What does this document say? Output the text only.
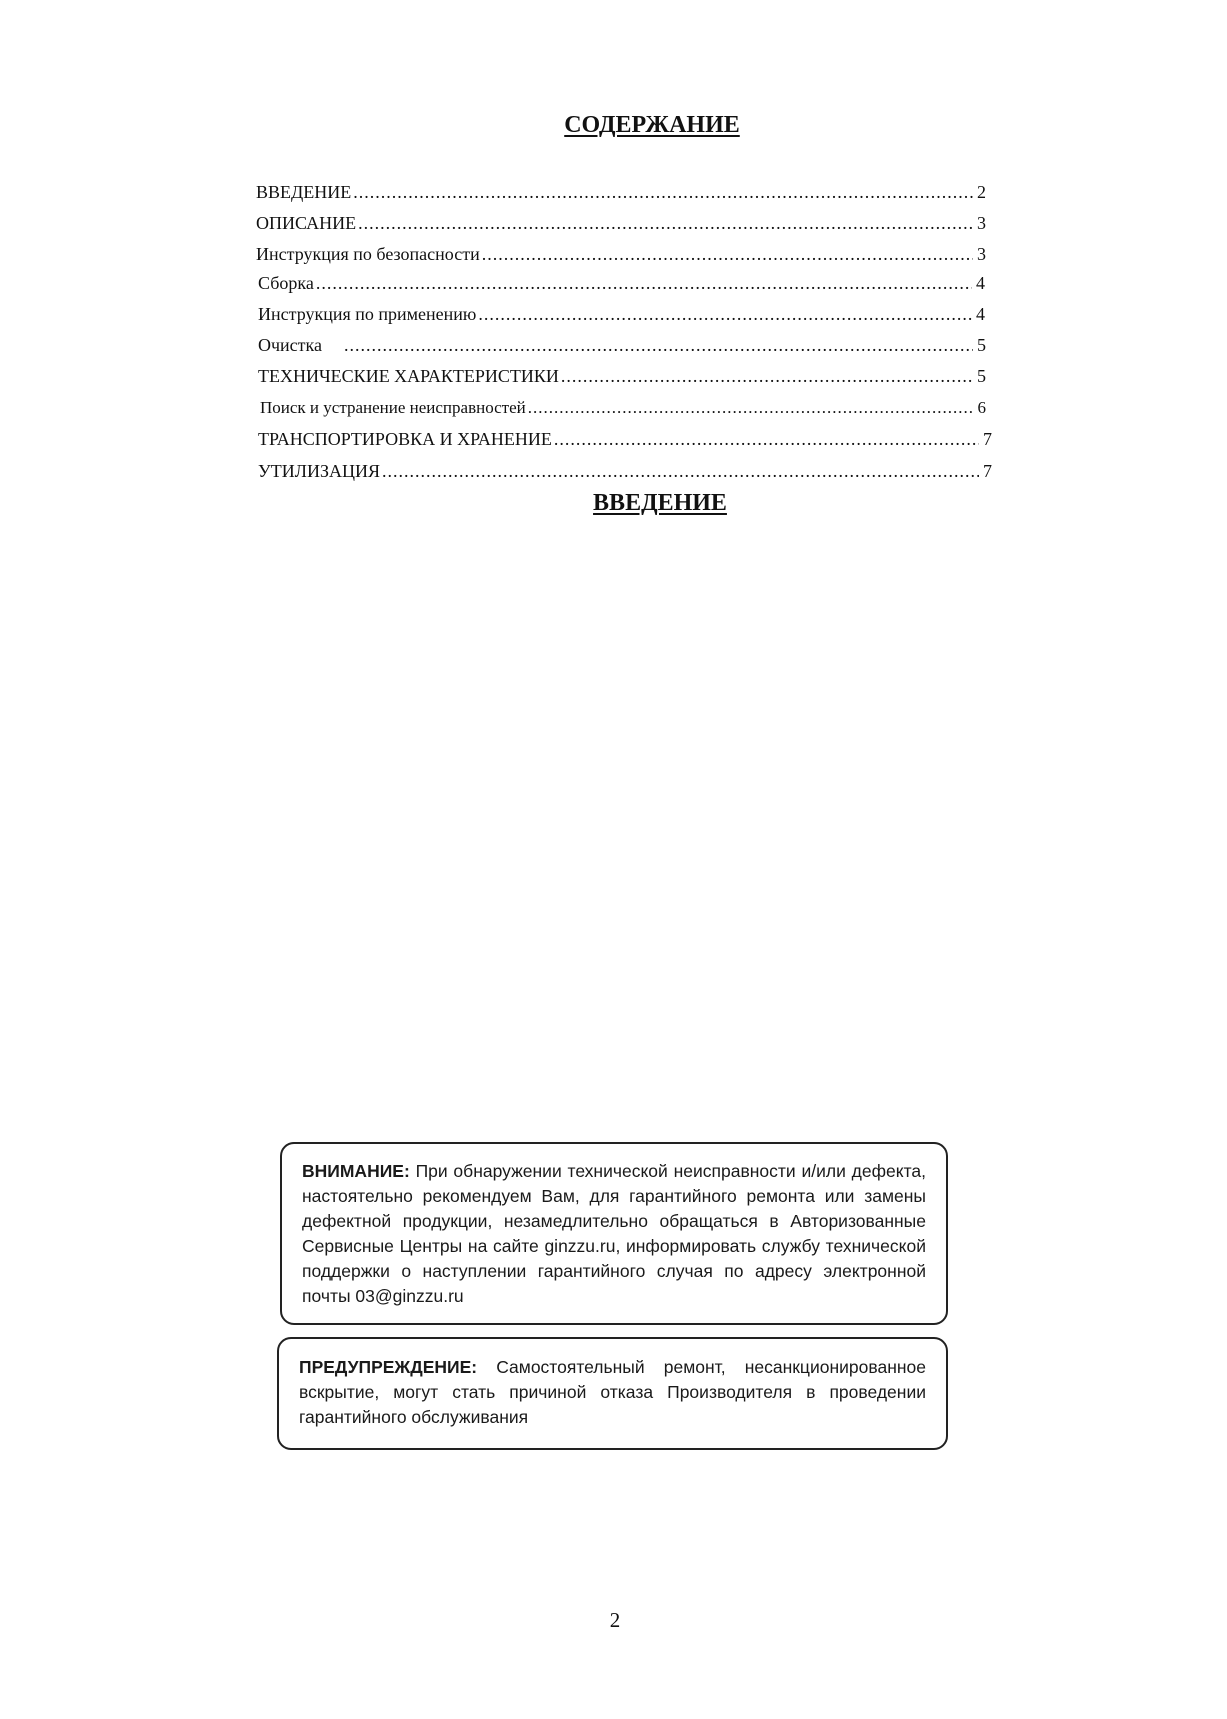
СОДЕРЖАНИЕ
ВВЕДЕНИЕ .....	2
ОПИСАНИЕ .....	3
Инструкция по безопасности .....	3
Сборка .....	4
Инструкция по применению .....	4
Очистка .....	5
ТЕХНИЧЕСКИЕ ХАРАКТЕРИСТИКИ .....	5
Поиск и устранение неисправностей .....	6
ТРАНСПОРТИРОВКА И ХРАНЕНИЕ .....	7
УТИЛИЗАЦИЯ .....	7
ВВЕДЕНИЕ
ВНИМАНИЕ: При обнаружении технической неисправности и/или дефекта, настоятельно рекомендуем Вам, для гарантийного ремонта или замены дефектной продукции, незамедлительно обращаться в Авторизованные Сервисные Центры на сайте ginzzu.ru, информировать службу технической поддержки о наступлении гарантийного случая по адресу электронной почты 03@ginzzu.ru
ПРЕДУПРЕЖДЕНИЕ: Самостоятельный ремонт, несанкционированное вскрытие, могут стать причиной отказа Производителя в проведении гарантийного обслуживания
2
